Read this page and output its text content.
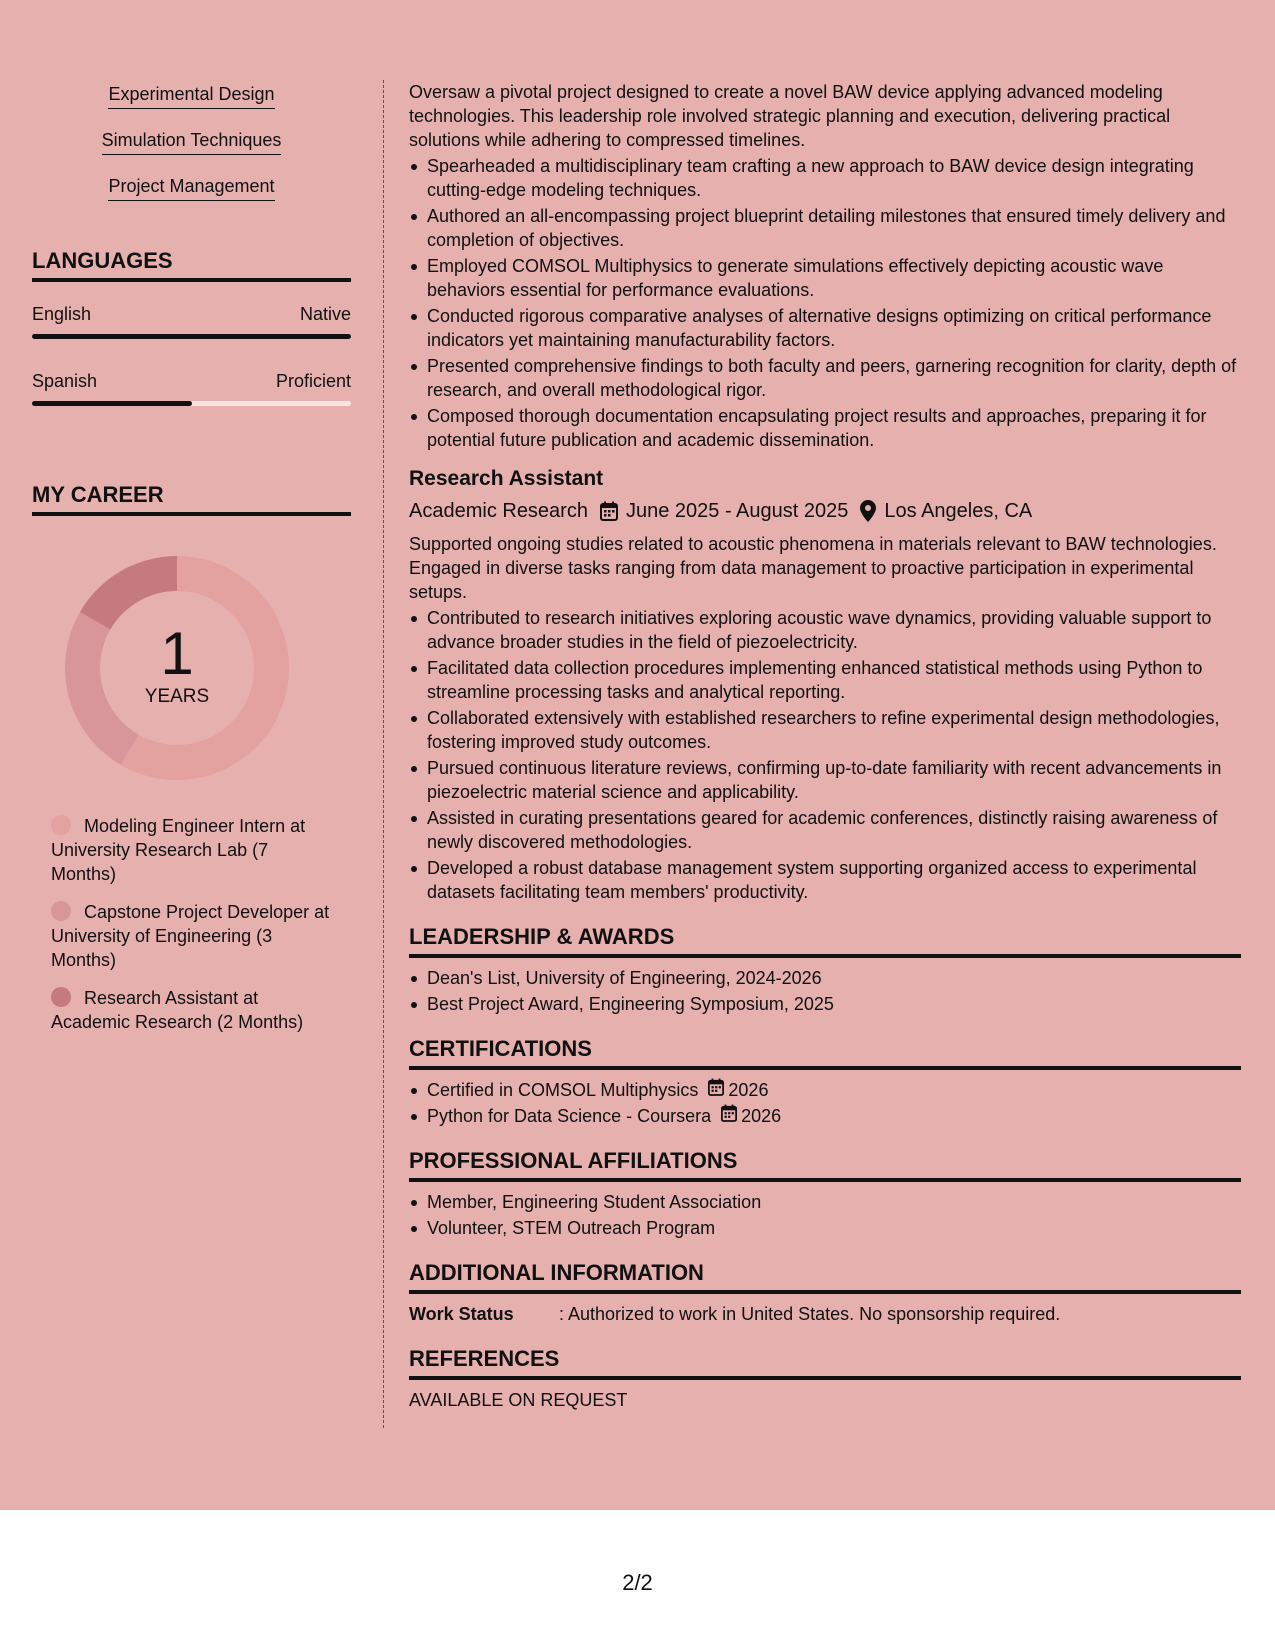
Experimental Design
Simulation Techniques
Project Management
LANGUAGES
English	Native
Spanish	Proficient
MY CAREER
1
YEARS
Modeling Engineer Intern at University Research Lab (7 Months)
Capstone Project Developer at University of Engineering (3 Months)
Research Assistant at Academic Research (2 Months)
Oversaw a pivotal project designed to create a novel BAW device applying advanced modeling technologies. This leadership role involved strategic planning and execution, delivering practical solutions while adhering to compressed timelines.
Spearheaded a multidisciplinary team crafting a new approach to BAW device design integrating cutting-edge modeling techniques.
Authored an all-encompassing project blueprint detailing milestones that ensured timely delivery and completion of objectives.
Employed COMSOL Multiphysics to generate simulations effectively depicting acoustic wave behaviors essential for performance evaluations.
Conducted rigorous comparative analyses of alternative designs optimizing on critical performance indicators yet maintaining manufacturability factors.
Presented comprehensive findings to both faculty and peers, garnering recognition for clarity, depth of research, and overall methodological rigor.
Composed thorough documentation encapsulating project results and approaches, preparing it for potential future publication and academic dissemination.
Research Assistant
Academic Research June 2025 - August 2025 Los Angeles, CA
Supported ongoing studies related to acoustic phenomena in materials relevant to BAW technologies. Engaged in diverse tasks ranging from data management to proactive participation in experimental setups.
Contributed to research initiatives exploring acoustic wave dynamics, providing valuable support to advance broader studies in the field of piezoelectricity.
Facilitated data collection procedures implementing enhanced statistical methods using Python to streamline processing tasks and analytical reporting.
Collaborated extensively with established researchers to refine experimental design methodologies, fostering improved study outcomes.
Pursued continuous literature reviews, confirming up-to-date familiarity with recent advancements in piezoelectric material science and applicability.
Assisted in curating presentations geared for academic conferences, distinctly raising awareness of newly discovered methodologies.
Developed a robust database management system supporting organized access to experimental datasets facilitating team members' productivity.
LEADERSHIP & AWARDS
Dean's List, University of Engineering, 2024-2026
Best Project Award, Engineering Symposium, 2025
CERTIFICATIONS
Certified in COMSOL Multiphysics 2026
Python for Data Science - Coursera 2026
PROFESSIONAL AFFILIATIONS
Member, Engineering Student Association
Volunteer, STEM Outreach Program
ADDITIONAL INFORMATION
Work Status	: Authorized to work in United States. No sponsorship required.
REFERENCES
AVAILABLE ON REQUEST
2/2
